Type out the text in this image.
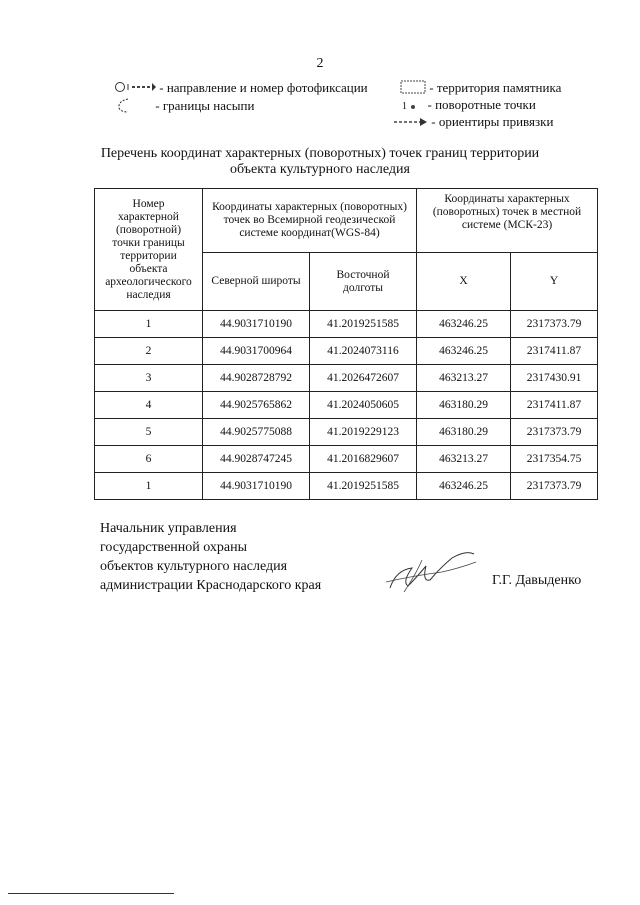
2
- направление и номер фотофиксации
- границы насыпи
- территория памятника
1 - поворотные точки
- ориентиры привязки
Перечень координат характерных (поворотных) точек границ территории
объекта культурного наследия
Номер характерной (поворотной) точки границы территории объекта археологического наследия	Координаты характерных (поворотных) точек во Всемирной геодезической системе координат(WGS-84)		Координаты характерных (поворотных) точек в местной системе (МСК-23)	
	Северной широты	Восточной долготы	X	Y
1	44.9031710190	41.2019251585	463246.25	2317373.79
2	44.9031700964	41.2024073116	463246.25	2317411.87
3	44.9028728792	41.2026472607	463213.27	2317430.91
4	44.9025765862	41.2024050605	463180.29	2317411.87
5	44.9025775088	41.2019229123	463180.29	2317373.79
6	44.9028747245	41.2016829607	463213.27	2317354.75
1	44.9031710190	41.2019251585	463246.25	2317373.79
Начальник управления
государственной охраны
объектов культурного наследия
администрации Краснодарского края	Г.Г. Давыденко
